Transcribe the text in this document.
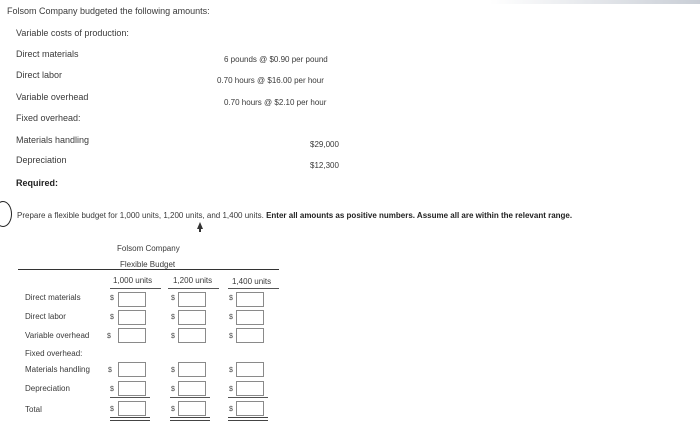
Folsom Company budgeted the following amounts:
Variable costs of production:
Direct materials
6 pounds @ $0.90 per pound
Direct labor
0.70 hours @ $16.00 per hour
Variable overhead
0.70 hours @ $2.10 per hour
Fixed overhead:
Materials handling	$29,000
Depreciation
$12,300
Required:
Prepare a flexible budget for 1,000 units, 1,200 units, and 1,400 units. Enter all amounts as positive numbers. Assume all are within the relevant range.
Folsom Company
Flexible Budget
1,000 units	1,200 units 1,400 units
Direct materials
Direct labor
Variable overhead
Fixed overhead:
Materials handling
Depreciation
Total
$
$
$
$
$
$
$
$
$
$
$
$
$
$
$
$
$
$
